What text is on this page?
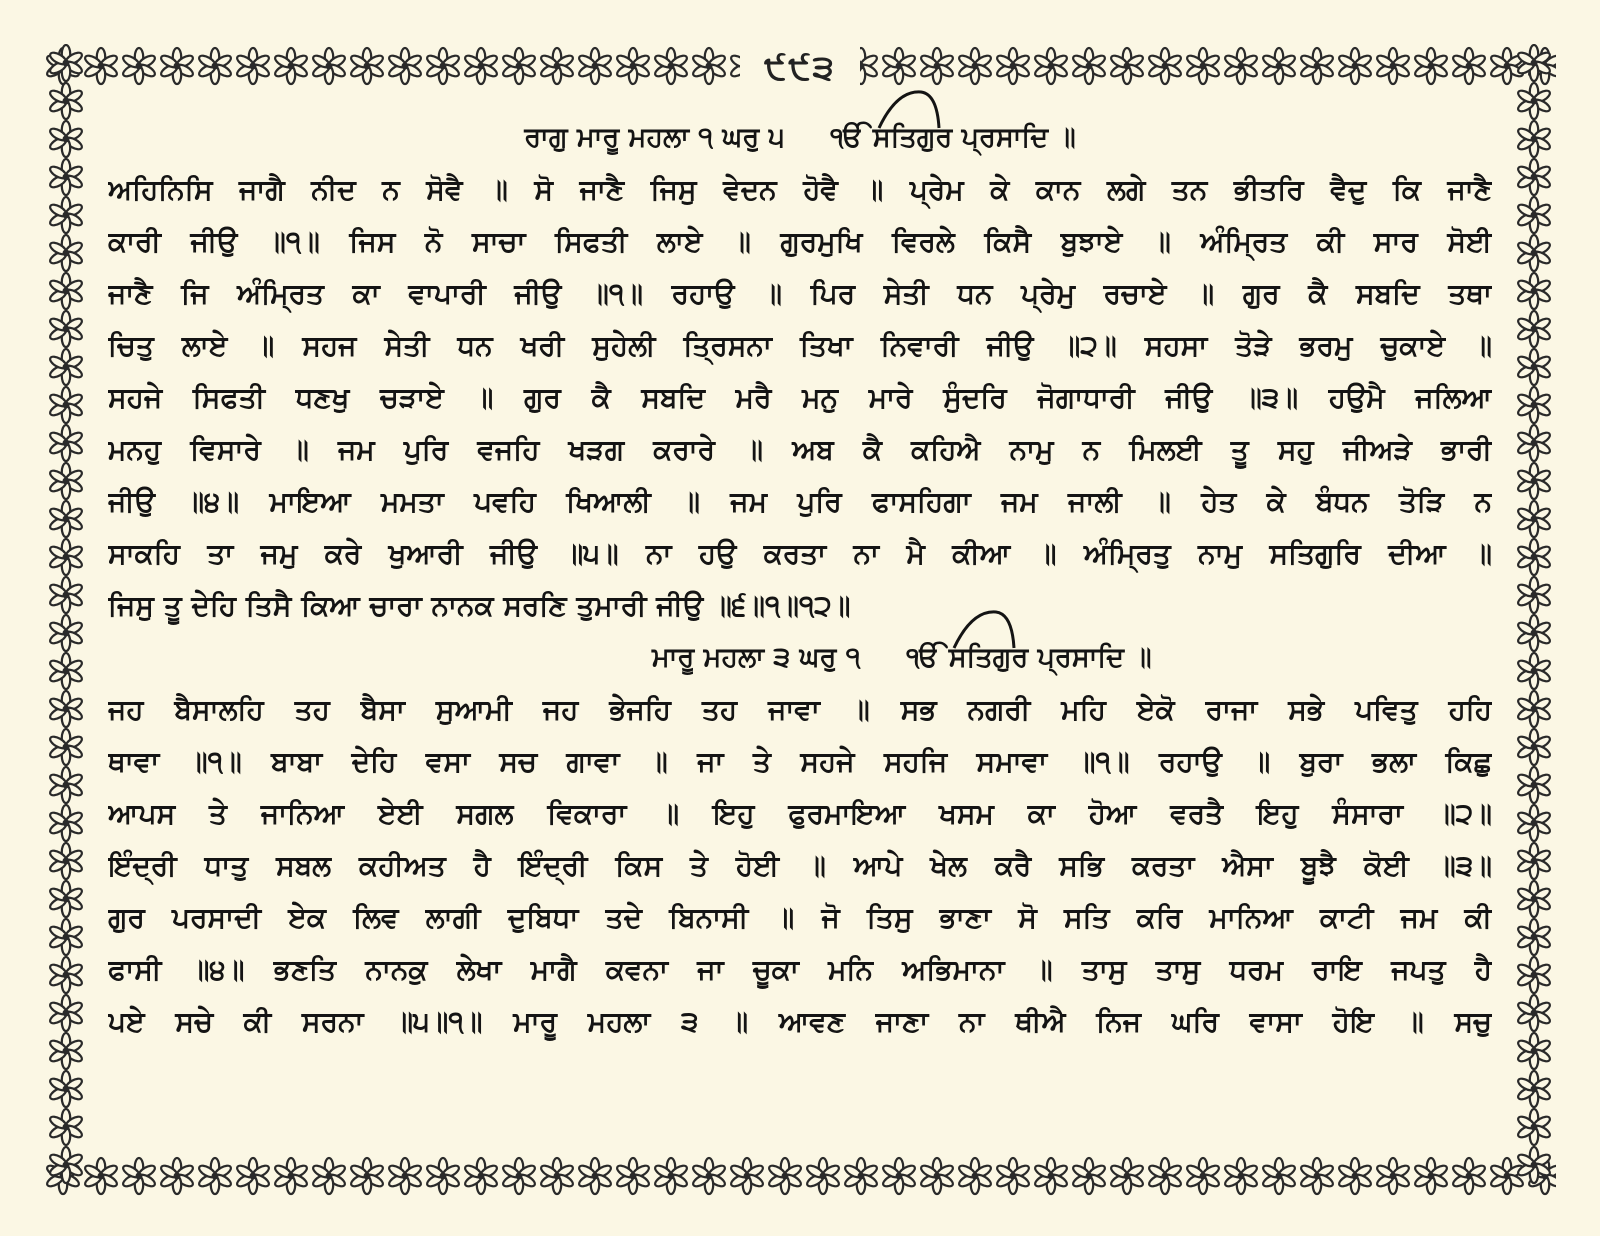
੯੯੩
ਰਾਗੁ ਮਾਰੂ ਮਹਲਾ ੧ ਘਰੁ ੫ ੴ ਸਤਿਗੁਰ ਪ੍ਰਸਾਦਿ ॥
ਅਹਿਨਿਸਿ ਜਾਗੈ ਨੀਦ ਨ ਸੋਵੈ ॥ ਸੋ ਜਾਣੈ ਜਿਸੁ ਵੇਦਨ ਹੋਵੈ ॥ ਪ੍ਰੇਮ ਕੇ ਕਾਨ ਲਗੇ ਤਨ ਭੀਤਰਿ ਵੈਦੁ ਕਿ ਜਾਣੈ
ਕਾਰੀ ਜੀਉ ॥੧॥ ਜਿਸ ਨੋ ਸਾਚਾ ਸਿਫਤੀ ਲਾਏ ॥ ਗੁਰਮੁਖਿ ਵਿਰਲੇ ਕਿਸੈ ਬੁਝਾਏ ॥ ਅੰਮ੍ਰਿਤ ਕੀ ਸਾਰ ਸੋਈ
ਜਾਣੈ ਜਿ ਅੰਮ੍ਰਿਤ ਕਾ ਵਾਪਾਰੀ ਜੀਉ ॥੧॥ ਰਹਾਉ ॥ ਪਿਰ ਸੇਤੀ ਧਨ ਪ੍ਰੇਮੁ ਰਚਾਏ ॥ ਗੁਰ ਕੈ ਸਬਦਿ ਤਥਾ
ਚਿਤੁ ਲਾਏ ॥ ਸਹਜ ਸੇਤੀ ਧਨ ਖਰੀ ਸੁਹੇਲੀ ਤ੍ਰਿਸਨਾ ਤਿਖਾ ਨਿਵਾਰੀ ਜੀਉ ॥੨॥ ਸਹਸਾ ਤੋੜੇ ਭਰਮੁ ਚੁਕਾਏ ॥
ਸਹਜੇ ਸਿਫਤੀ ਧਣਖੁ ਚੜਾਏ ॥ ਗੁਰ ਕੈ ਸਬਦਿ ਮਰੈ ਮਨੁ ਮਾਰੇ ਸੁੰਦਰਿ ਜੋਗਾਧਾਰੀ ਜੀਉ ॥੩॥ ਹਉਮੈ ਜਲਿਆ
ਮਨਹੁ ਵਿਸਾਰੇ ॥ ਜਮ ਪੁਰਿ ਵਜਹਿ ਖੜਗ ਕਰਾਰੇ ॥ ਅਬ ਕੈ ਕਹਿਐ ਨਾਮੁ ਨ ਮਿਲਈ ਤੂ ਸਹੁ ਜੀਅੜੇ ਭਾਰੀ
ਜੀਉ ॥੪॥ ਮਾਇਆ ਮਮਤਾ ਪਵਹਿ ਖਿਆਲੀ ॥ ਜਮ ਪੁਰਿ ਫਾਸਹਿਗਾ ਜਮ ਜਾਲੀ ॥ ਹੇਤ ਕੇ ਬੰਧਨ ਤੋੜਿ ਨ
ਸਾਕਹਿ ਤਾ ਜਮੁ ਕਰੇ ਖੁਆਰੀ ਜੀਉ ॥੫॥ ਨਾ ਹਉ ਕਰਤਾ ਨਾ ਮੈ ਕੀਆ ॥ ਅੰਮ੍ਰਿਤੁ ਨਾਮੁ ਸਤਿਗੁਰਿ ਦੀਆ ॥
ਜਿਸੁ ਤੂ ਦੇਹਿ ਤਿਸੈ ਕਿਆ ਚਾਰਾ ਨਾਨਕ ਸਰਣਿ ਤੁਮਾਰੀ ਜੀਉ ॥੬॥੧॥੧੨॥
ਮਾਰੂ ਮਹਲਾ ੩ ਘਰੁ ੧ ੴ ਸਤਿਗੁਰ ਪ੍ਰਸਾਦਿ ॥
ਜਹ ਬੈਸਾਲਹਿ ਤਹ ਬੈਸਾ ਸੁਆਮੀ ਜਹ ਭੇਜਹਿ ਤਹ ਜਾਵਾ ॥ ਸਭ ਨਗਰੀ ਮਹਿ ਏਕੋ ਰਾਜਾ ਸਭੇ ਪਵਿਤੁ ਹਹਿ
ਥਾਵਾ ॥੧॥ ਬਾਬਾ ਦੇਹਿ ਵਸਾ ਸਚ ਗਾਵਾ ॥ ਜਾ ਤੇ ਸਹਜੇ ਸਹਜਿ ਸਮਾਵਾ ॥੧॥ ਰਹਾਉ ॥ ਬੁਰਾ ਭਲਾ ਕਿਛੁ
ਆਪਸ ਤੇ ਜਾਨਿਆ ਏਈ ਸਗਲ ਵਿਕਾਰਾ ॥ ਇਹੁ ਫੁਰਮਾਇਆ ਖਸਮ ਕਾ ਹੋਆ ਵਰਤੈ ਇਹੁ ਸੰਸਾਰਾ ॥੨॥
ਇੰਦ੍ਰੀ ਧਾਤੁ ਸਬਲ ਕਹੀਅਤ ਹੈ ਇੰਦ੍ਰੀ ਕਿਸ ਤੇ ਹੋਈ ॥ ਆਪੇ ਖੇਲ ਕਰੈ ਸਭਿ ਕਰਤਾ ਐਸਾ ਬੂਝੈ ਕੋਈ ॥੩॥
ਗੁਰ ਪਰਸਾਦੀ ਏਕ ਲਿਵ ਲਾਗੀ ਦੁਬਿਧਾ ਤਦੇ ਬਿਨਾਸੀ ॥ ਜੋ ਤਿਸੁ ਭਾਣਾ ਸੋ ਸਤਿ ਕਰਿ ਮਾਨਿਆ ਕਾਟੀ ਜਮ ਕੀ
ਫਾਸੀ ॥੪॥ ਭਣਤਿ ਨਾਨਕੁ ਲੇਖਾ ਮਾਗੈ ਕਵਨਾ ਜਾ ਚੂਕਾ ਮਨਿ ਅਭਿਮਾਨਾ ॥ ਤਾਸੁ ਤਾਸੁ ਧਰਮ ਰਾਇ ਜਪਤੁ ਹੈ
ਪਏ ਸਚੇ ਕੀ ਸਰਨਾ ॥੫॥੧॥ ਮਾਰੂ ਮਹਲਾ ੩ ॥ ਆਵਣ ਜਾਣਾ ਨਾ ਥੀਐ ਨਿਜ ਘਰਿ ਵਾਸਾ ਹੋਇ ॥ ਸਚੁ
